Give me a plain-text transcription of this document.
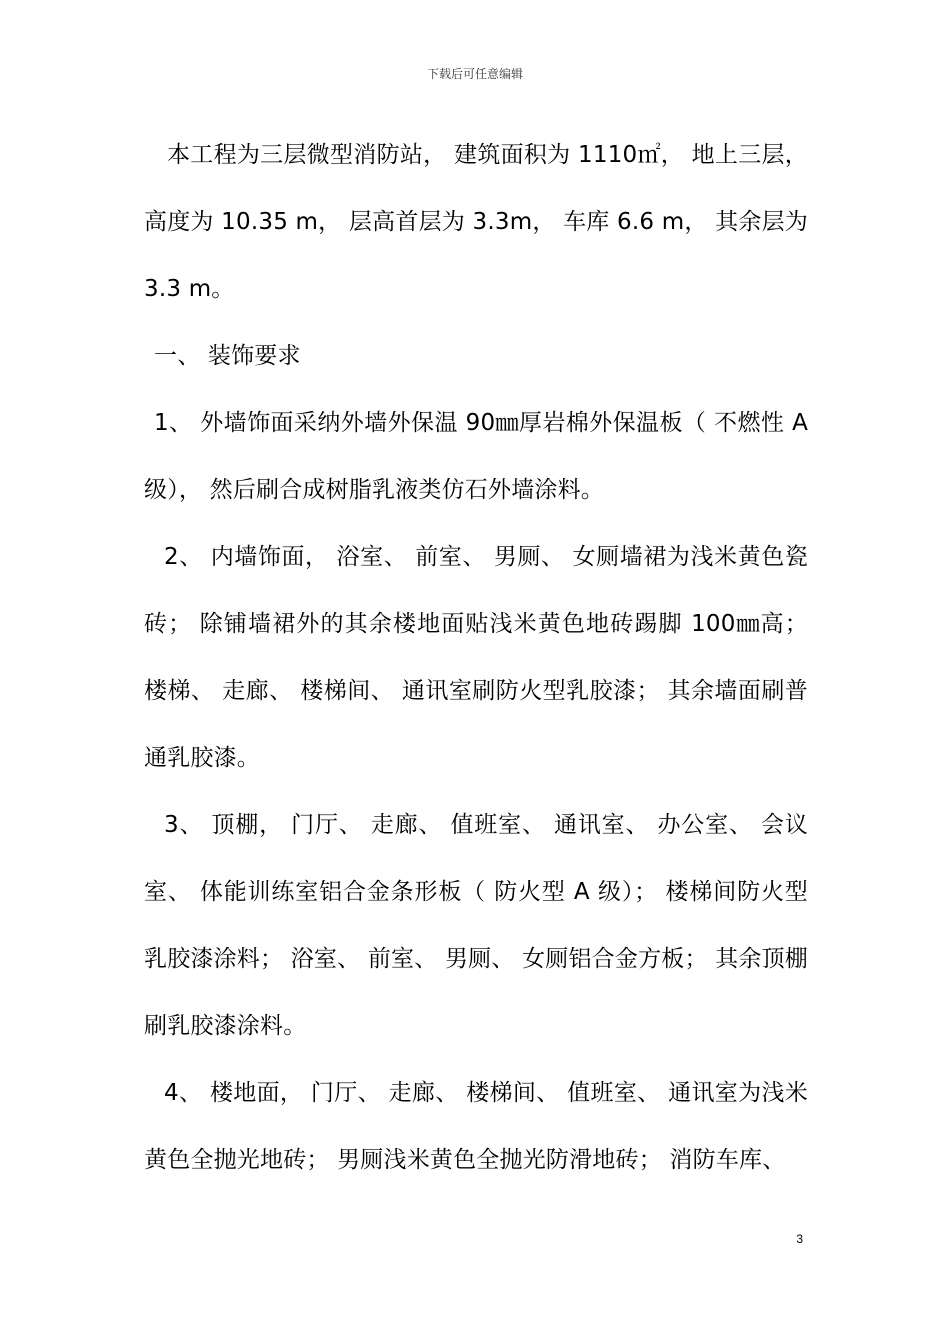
下载后可任意编辑

本工程为三层微型消防站， 建筑面积为 1110㎡， 地上三层，高度为 10.35 m， 层高首层为 3.3m， 车库 6.6 m， 其余层为3.3 m。

一、 装饰要求

1、 外墙饰面采纳外墙外保温 90㎜厚岩棉外保温板（ 不燃性 A 级）， 然后刷合成树脂乳液类仿石外墙涂料。

2、 内墙饰面， 浴室、 前室、 男厕、 女厕墙裙为浅米黄色瓷砖； 除铺墙裙外的其余楼地面贴浅米黄色地砖踢脚 100㎜高； 楼梯、 走廊、 楼梯间、 通讯室刷防火型乳胶漆； 其余墙面刷普通乳胶漆。

3、 顶棚， 门厅、 走廊、 值班室、 通讯室、 办公室、 会议室、 体能训练室铝合金条形板（ 防火型 A 级）； 楼梯间防火型乳胶漆涂料； 浴室、 前室、 男厕、 女厕铝合金方板； 其余顶棚刷乳胶漆涂料。

4、 楼地面， 门厅、 走廊、 楼梯间、 值班室、 通讯室为浅米黄色全抛光地砖； 男厕浅米黄色全抛光防滑地砖； 消防车库、

3
